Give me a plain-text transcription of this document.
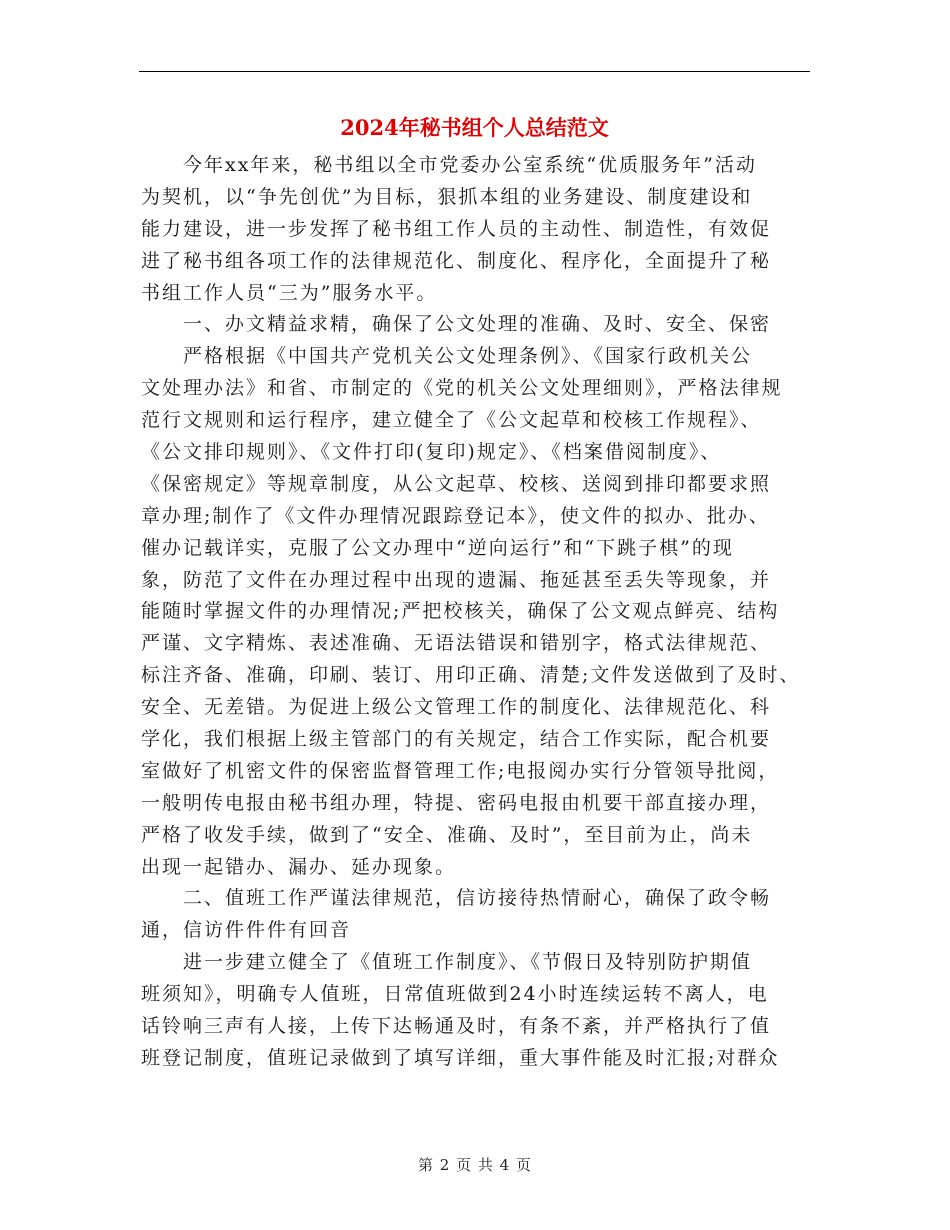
2024年秘书组个人总结范文
今年xx年来，秘书组以全市党委办公室系统“优质服务年”活动
为契机，以“争先创优”为目标，狠抓本组的业务建设、制度建设和
能力建设，进一步发挥了秘书组工作人员的主动性、制造性，有效促
进了秘书组各项工作的法律规范化、制度化、程序化，全面提升了秘
书组工作人员“三为”服务水平。
一、办文精益求精，确保了公文处理的准确、及时、安全、保密
严格根据《中国共产党机关公文处理条例》、《国家行政机关公
文处理办法》和省、市制定的《党的机关公文处理细则》，严格法律规
范行文规则和运行程序，建立健全了《公文起草和校核工作规程》、
《公文排印规则》、《文件打印(复印)规定》、《档案借阅制度》、
《保密规定》等规章制度，从公文起草、校核、送阅到排印都要求照
章办理;制作了《文件办理情况跟踪登记本》，使文件的拟办、批办、
催办记载详实，克服了公文办理中“逆向运行”和“下跳子棋”的现
象，防范了文件在办理过程中出现的遗漏、拖延甚至丢失等现象，并
能随时掌握文件的办理情况;严把校核关，确保了公文观点鲜亮、结构
严谨、文字精炼、表述准确、无语法错误和错别字，格式法律规范、
标注齐备、准确，印刷、装订、用印正确、清楚;文件发送做到了及时、
安全、无差错。为促进上级公文管理工作的制度化、法律规范化、科
学化，我们根据上级主管部门的有关规定，结合工作实际，配合机要
室做好了机密文件的保密监督管理工作;电报阅办实行分管领导批阅，
一般明传电报由秘书组办理，特提、密码电报由机要干部直接办理，
严格了收发手续，做到了“安全、准确、及时”，至目前为止，尚未
出现一起错办、漏办、延办现象。
二、值班工作严谨法律规范，信访接待热情耐心，确保了政令畅
通，信访件件件有回音
进一步建立健全了《值班工作制度》、《节假日及特别防护期值
班须知》，明确专人值班，日常值班做到24小时连续运转不离人，电
话铃响三声有人接，上传下达畅通及时，有条不紊，并严格执行了值
班登记制度，值班记录做到了填写详细，重大事件能及时汇报;对群众
第 2 页 共 4 页
